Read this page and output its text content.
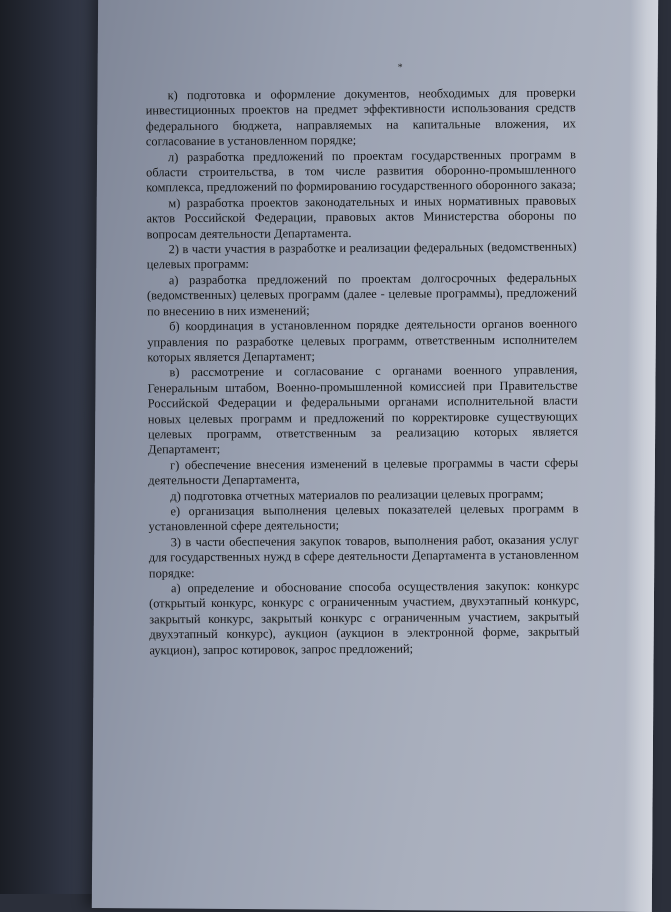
*

к) подготовка и оформление документов, необходимых для проверки инвестиционных проектов на предмет эффективности использования средств федерального бюджета, направляемых на капитальные вложения, их согласование в установленном порядке;

л) разработка предложений по проектам государственных программ в области строительства, в том числе развития оборонно-промышленного комплекса, предложений по формированию государственного оборонного заказа;

м) разработка проектов законодательных и иных нормативных правовых актов Российской Федерации, правовых актов Министерства обороны по вопросам деятельности Департамента.

2) в части участия в разработке и реализации федеральных (ведомственных) целевых программ:

а) разработка предложений по проектам долгосрочных федеральных (ведомственных) целевых программ (далее - целевые программы), предложений по внесению в них изменений;

б) координация в установленном порядке деятельности органов военного управления по разработке целевых программ, ответственным исполнителем которых является Департамент;

в) рассмотрение и согласование с органами военного управления, Генеральным штабом, Военно-промышленной комиссией при Правительстве Российской Федерации и федеральными органами исполнительной власти новых целевых программ и предложений по корректировке существующих целевых программ, ответственным за реализацию которых является Департамент;

г) обеспечение внесения изменений в целевые программы в части сферы деятельности Департамента,

д) подготовка отчетных материалов по реализации целевых программ;

е) организация выполнения целевых показателей целевых программ в установленной сфере деятельности;

3) в части обеспечения закупок товаров, выполнения работ, оказания услуг для государственных нужд в сфере деятельности Департамента в установленном порядке:

а) определение и обоснование способа осуществления закупок: конкурс (открытый конкурс, конкурс с ограниченным участием, двухэтапный конкурс, закрытый конкурс, закрытый конкурс с ограниченным участием, закрытый двухэтапный конкурс), аукцион (аукцион в электронной форме, закрытый аукцион), запрос котировок, запрос предложений;
